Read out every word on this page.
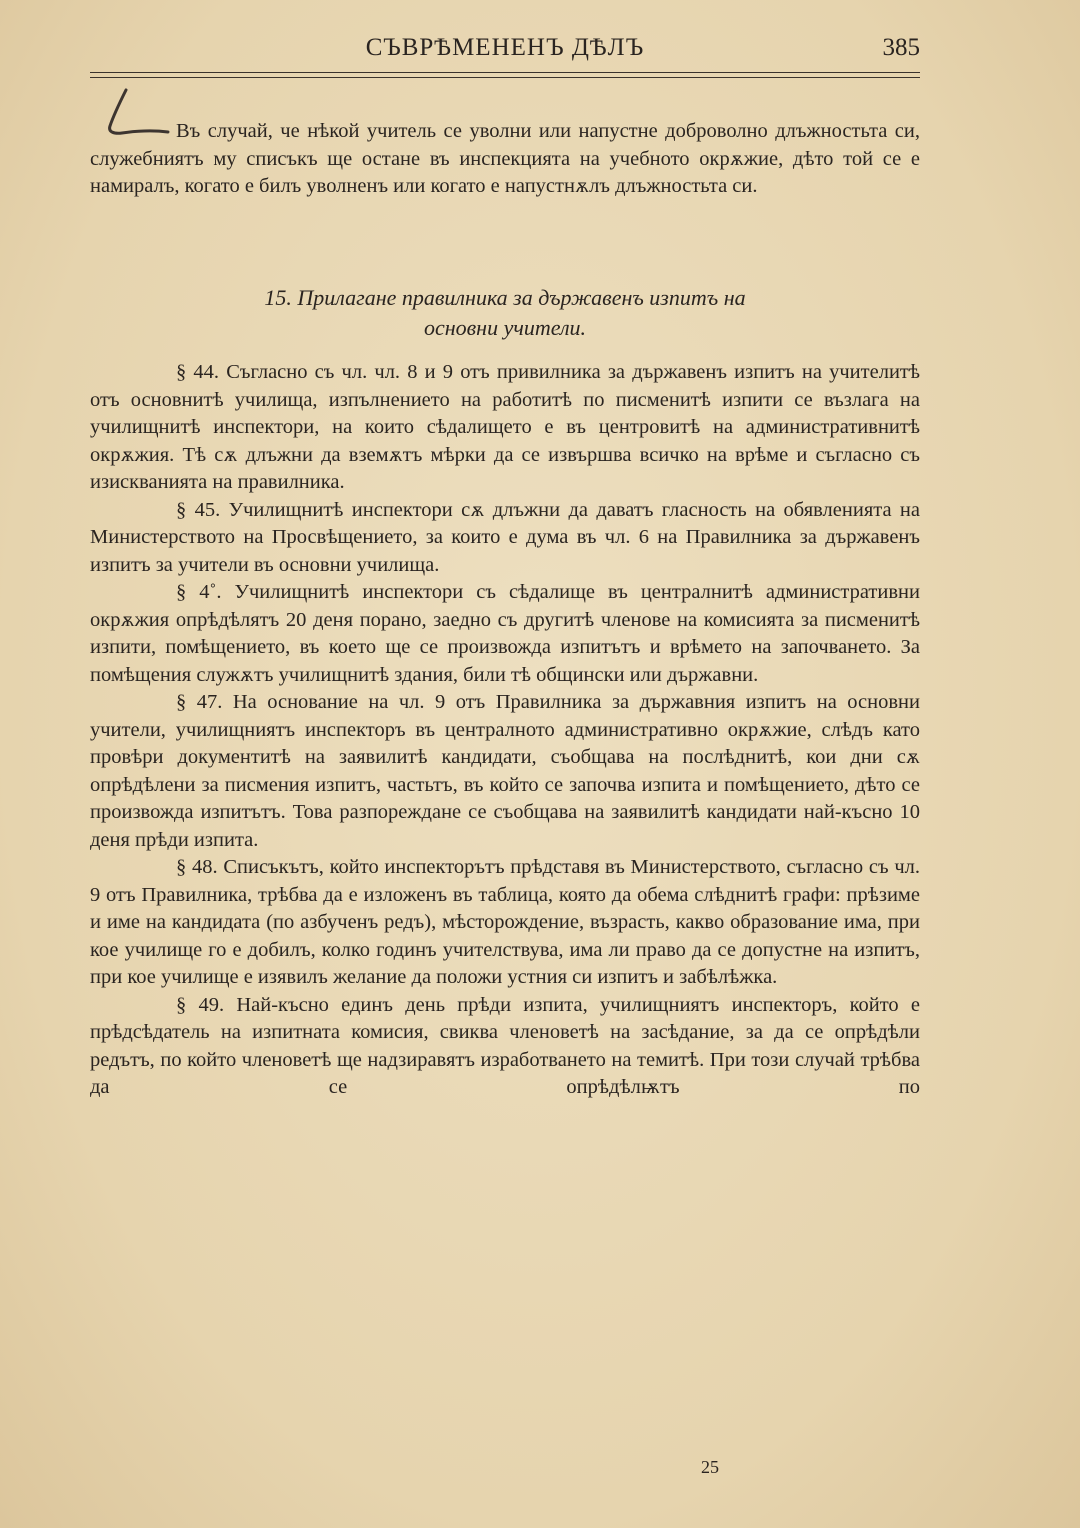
СЪВРѢМЕНЕНЪ ДѢЛЪ	385

Въ случай, че нѣкой учитель се уволни или напустне доброволно длъжностьта си, служебниятъ му списъкъ ще остане въ инспекцията на учебното окрѫжие, дѣто той се е намиралъ, когато е билъ уволненъ или когато е напустнѫлъ длъжностьта си.

15. Прилагане правилника за държавенъ изпитъ на
основни учители.

§ 44. Съгласно съ чл. чл. 8 и 9 отъ привилника за държавенъ изпитъ на учителитѣ отъ основнитѣ училища, изпълнението на работитѣ по писменитѣ изпити се възлага на училищнитѣ инспектори, на които сѣдалището е въ центровитѣ на административнитѣ окрѫжия. Тѣ сѫ длъжни да вземѫтъ мѣрки да се извършва всичко на врѣме и съгласно съ изискванията на правилника.

§ 45. Училищнитѣ инспектори сѫ длъжни да даватъ гласность на обявленията на Министерството на Просвѣщението, за които е дума въ чл. 6 на Правилника за държавенъ изпитъ за учители въ основни училища.

§ 4˚. Училищнитѣ инспектори съ сѣдалище въ централнитѣ административни окрѫжия опрѣдѣлятъ 20 деня порано, заедно съ другитѣ членове на комисията за писменитѣ изпити, помѣщението, въ което ще се произвожда изпитътъ и врѣмето на започването. За помѣщения служѫтъ училищнитѣ здания, били тѣ общински или държавни.

§ 47. На основание на чл. 9 отъ Правилника за държавния изпитъ на основни учители, училищниятъ инспекторъ въ централното административно окрѫжие, слѣдъ като провѣри документитѣ на заявилитѣ кандидати, съобщава на послѣднитѣ, кои дни сѫ опрѣдѣлени за писмения изпитъ, частьтъ, въ който се започва изпита и помѣщението, дѣто се произвожда изпитътъ. Това разпореждане се съобщава на заявилитѣ кандидати най-късно 10 деня прѣди изпита.

§ 48. Списъкътъ, който инспекторътъ прѣдставя въ Министерството, съгласно съ чл. 9 отъ Правилника, трѣбва да е изложенъ въ таблица, която да обема слѣднитѣ графи: прѣзиме и име на кандидата (по азбученъ редъ), мѣсторождение, възрасть, какво образование има, при кое училище го е добилъ, колко годинъ учителствува, има ли право да се допустне на изпитъ, при кое училище е изявилъ желание да положи устния си изпитъ и забѣлѣжка.

§ 49. Най-късно единъ день прѣди изпита, училищниятъ инспекторъ, който е прѣдсѣдатель на изпитната комисия, свиква членоветѣ на засѣдание, за да се опрѣдѣли редътъ, по който членоветѣ ще надзиравятъ изработването на темитѣ. При този случай трѣбва да се опрѣдѣлѭтъ по

25
